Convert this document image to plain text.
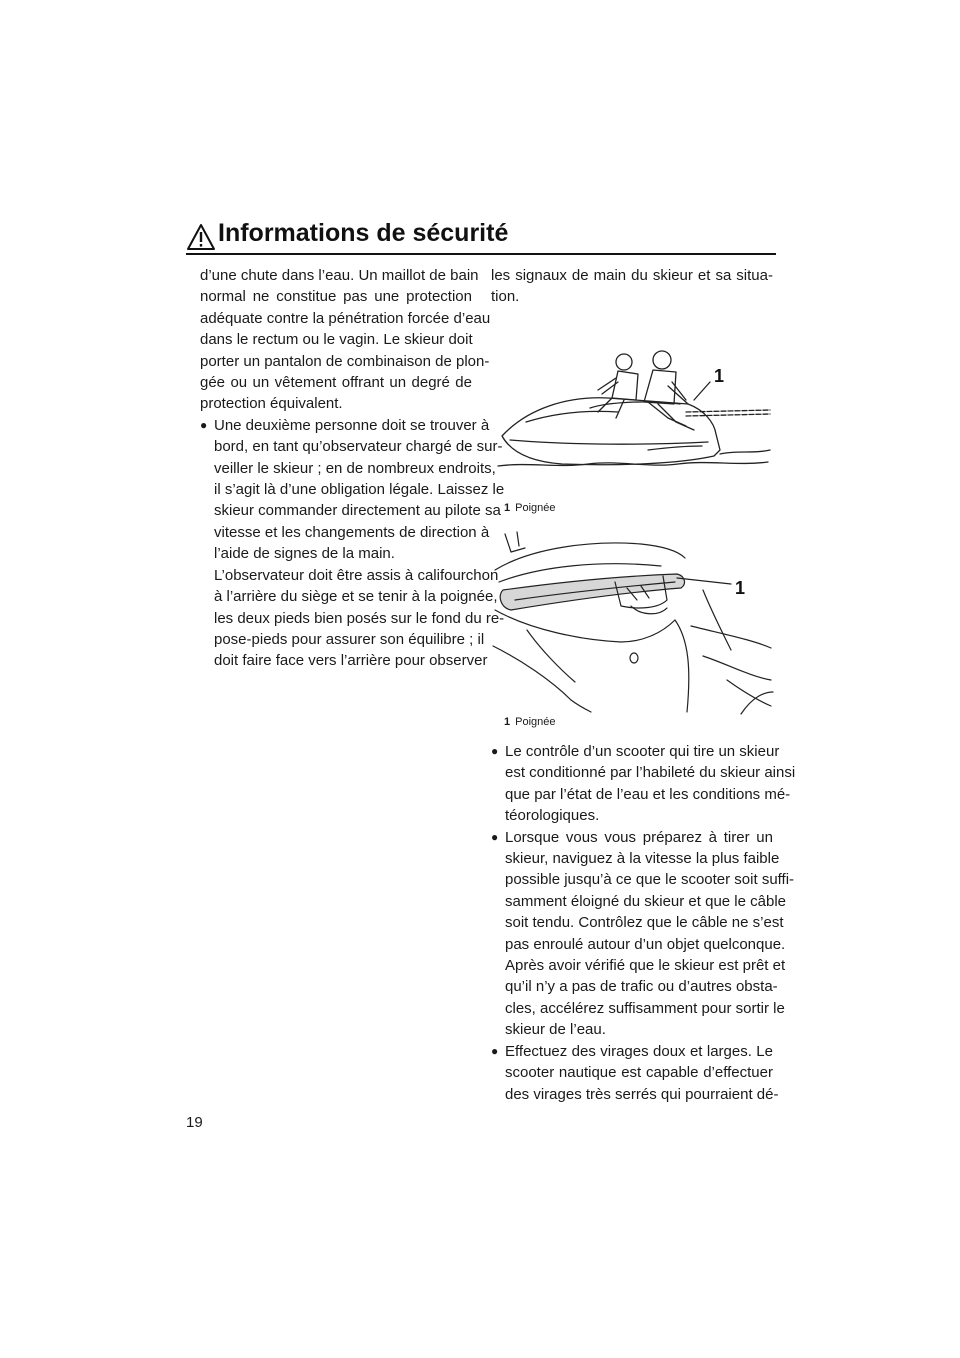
Informations de sécurité
d’une chute dans l’eau. Un maillot de bain
normal ne constitue pas une protection
adéquate contre la pénétration forcée d’eau
dans le rectum ou le vagin. Le skieur doit
porter un pantalon de combinaison de plon-
gée ou un vêtement offrant un degré de
protection équivalent.
● Une deuxième personne doit se trouver à
bord, en tant qu’observateur chargé de sur-
veiller le skieur ; en de nombreux endroits,
il s’agit là d’une obligation légale. Laissez le
skieur commander directement au pilote sa
vitesse et les changements de direction à
l’aide de signes de la main.
L’observateur doit être assis à califourchon
à l’arrière du siège et se tenir à la poignée,
les deux pieds bien posés sur le fond du re-
pose-pieds pour assurer son équilibre ; il
doit faire face vers l’arrière pour observer
les signaux de main du skieur et sa situa-
tion.
1
1 Poignée
1
1 Poignée
● Le contrôle d’un scooter qui tire un skieur
est conditionné par l’habileté du skieur ainsi
que par l’état de l’eau et les conditions mé-
téorologiques.
● Lorsque vous vous préparez à tirer un
skieur, naviguez à la vitesse la plus faible
possible jusqu’à ce que le scooter soit suffi-
samment éloigné du skieur et que le câble
soit tendu. Contrôlez que le câble ne s’est
pas enroulé autour d’un objet quelconque.
Après avoir vérifié que le skieur est prêt et
qu’il n’y a pas de trafic ou d’autres obsta-
cles, accélérez suffisamment pour sortir le
skieur de l’eau.
● Effectuez des virages doux et larges. Le
scooter nautique est capable d’effectuer
des virages très serrés qui pourraient dé-
19
